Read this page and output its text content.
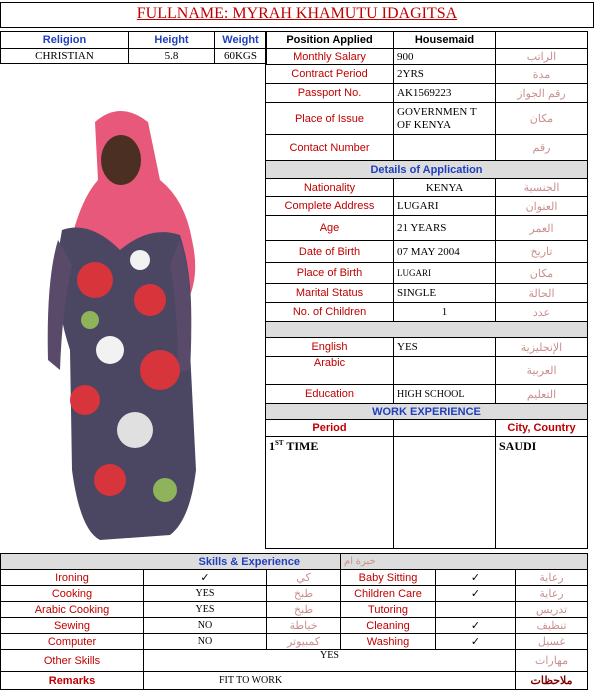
FULLNAME: MYRAH KHAMUTU IDAGITSA
Religion	Height	Weight
CHRISTIAN	5.8	60KGS
Position Applied	Housemaid	
Monthly Salary	900	الراتب
Contract Period	2YRS	مدة
Passport No.	AK1569223	رقم الجواز
Place of Issue	GOVERNMEN T OF KENYA	مكان
Contact Number		رقم
Details of Application		
Nationality	KENYA	الجنسية
Complete Address	LUGARI	العنوان
Age	21 YEARS	العمر
Date of Birth	07 MAY 2004	تاريخ
Place of Birth	LUGARI	مكان
Marital Status	SINGLE	الحالة
No. of Children	1	عدد

English	YES	الإنجليزية
Arabic		العربية
Education	HIGH SCHOOL	التعليم
WORK EXPERIENCE		
Period		City, Country
1ST TIME		SAUDI
Skills & Experience			خبرة ام		
Ironing	✓	كي	Baby Sitting	✓	رعاية
Cooking	YES	طبخ	Children Care	✓	رعاية
Arabic Cooking	YES	طبخ	Tutoring		تدريس
Sewing	NO	خياطة	Cleaning	✓	تنظيف
Computer	NO	كمبيوتر	Washing	✓	غسيل
Other Skills	YES				مهارات
Remarks	FIT TO WORK				ملاحظات
